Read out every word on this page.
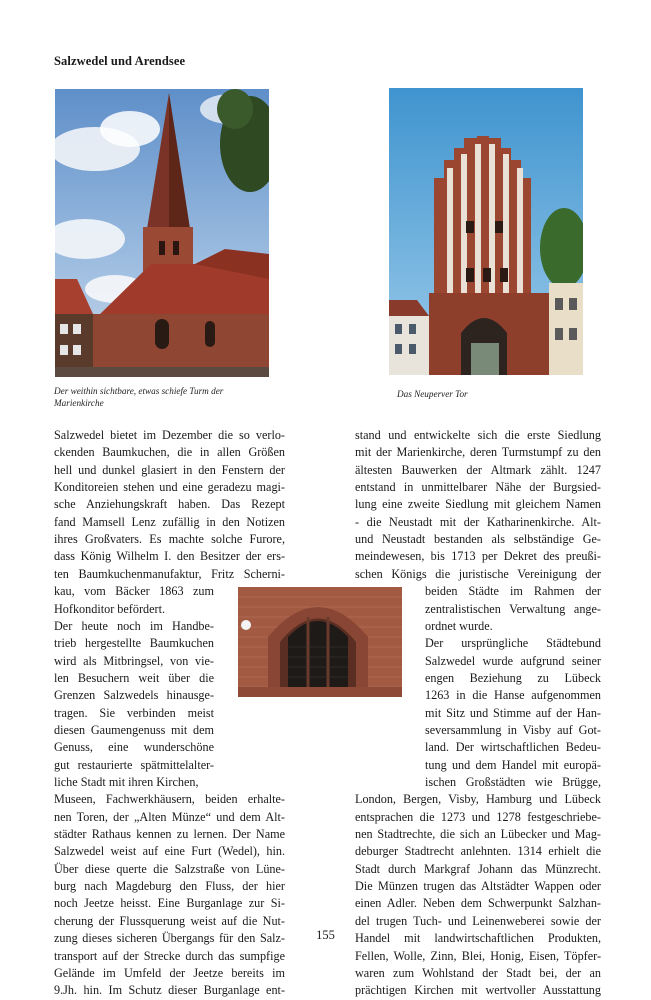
Salzwedel und Arendsee
Der weithin sichtbare, etwas schiefe Turm der Marienkirche
Das Neuperver Tor
Salzwedel bietet im Dezember die so verlo-
ckenden Baumkuchen, die in allen Größen
hell und dunkel glasiert in den Fenstern der
Konditoreien stehen und eine geradezu magi-
sche Anziehungskraft haben. Das Rezept
fand Mamsell Lenz zufällig in den Notizen
ihres Großvaters. Es machte solche Furore,
dass König Wilhelm I. den Besitzer der ers-
ten Baumkuchenmanufaktur, Fritz Scherni-
kau, vom Bäcker 1863 zum
Hofkonditor befördert.
Der heute noch im Handbe-
trieb hergestellte Baumkuchen
wird als Mitbringsel, von vie-
len Besuchern weit über die
Grenzen Salzwedels hinausge-
tragen. Sie verbinden meist
diesen Gaumengenuss mit dem
Genuss, eine wunderschöne
gut restaurierte spätmittelalter-
liche Stadt mit ihren Kirchen,
Museen, Fachwerkhäusern, beiden erhalte-
nen Toren, der „Alten Münze“ und dem Alt-
städter Rathaus kennen zu lernen. Der Name
Salzwedel weist auf eine Furt (Wedel), hin.
Über diese querte die Salzstraße von Lüne-
burg nach Magdeburg den Fluss, der hier
noch Jeetze heisst. Eine Burganlage zur Si-
cherung der Flussquerung weist auf die Nut-
zung dieses sicheren Übergangs für den Salz-
transport auf der Strecke durch das sumpfige
Gelände im Umfeld der Jeetze bereits im
9.Jh. hin. Im Schutz dieser Burganlage ent-
stand und entwickelte sich die erste Siedlung
mit der Marienkirche, deren Turmstumpf zu den
ältesten Bauwerken der Altmark zählt. 1247
entstand in unmittelbarer Nähe der Burgsied-
lung eine zweite Siedlung mit gleichem Namen
- die Neustadt mit der Katharinenkirche. Alt-
und Neustadt bestanden als selbständige Ge-
meindewesen, bis 1713 per Dekret des preußi-
schen Königs die juristische Vereinigung der
beiden Städte im Rahmen der
zentralistischen Verwaltung ange-
ordnet wurde.
Der ursprüngliche Städtebund
Salzwedel wurde aufgrund seiner
engen Beziehung zu Lübeck
1263 in die Hanse aufgenommen
mit Sitz und Stimme auf der Han-
seversammlung in Visby auf Got-
land. Der wirtschaftlichen Bedeu-
tung und dem Handel mit europä-
ischen Großstädten wie Brügge,
London, Bergen, Visby, Hamburg und Lübeck
entsprachen die 1273 und 1278 festgeschriebe-
nen Stadtrechte, die sich an Lübecker und Mag-
deburger Stadtrecht anlehnten. 1314 erhielt die
Stadt durch Markgraf Johann das Münzrecht.
Die Münzen trugen das Altstädter Wappen oder
einen Adler. Neben dem Schwerpunkt Salzhan-
del trugen Tuch- und Leinenweberei sowie der
Handel mit landwirtschaftlichen Produkten,
Fellen, Wolle, Zinn, Blei, Honig, Eisen, Töpfer-
waren zum Wohlstand der Stadt bei, der an
prächtigen Kirchen mit wertvoller Ausstattung
155
